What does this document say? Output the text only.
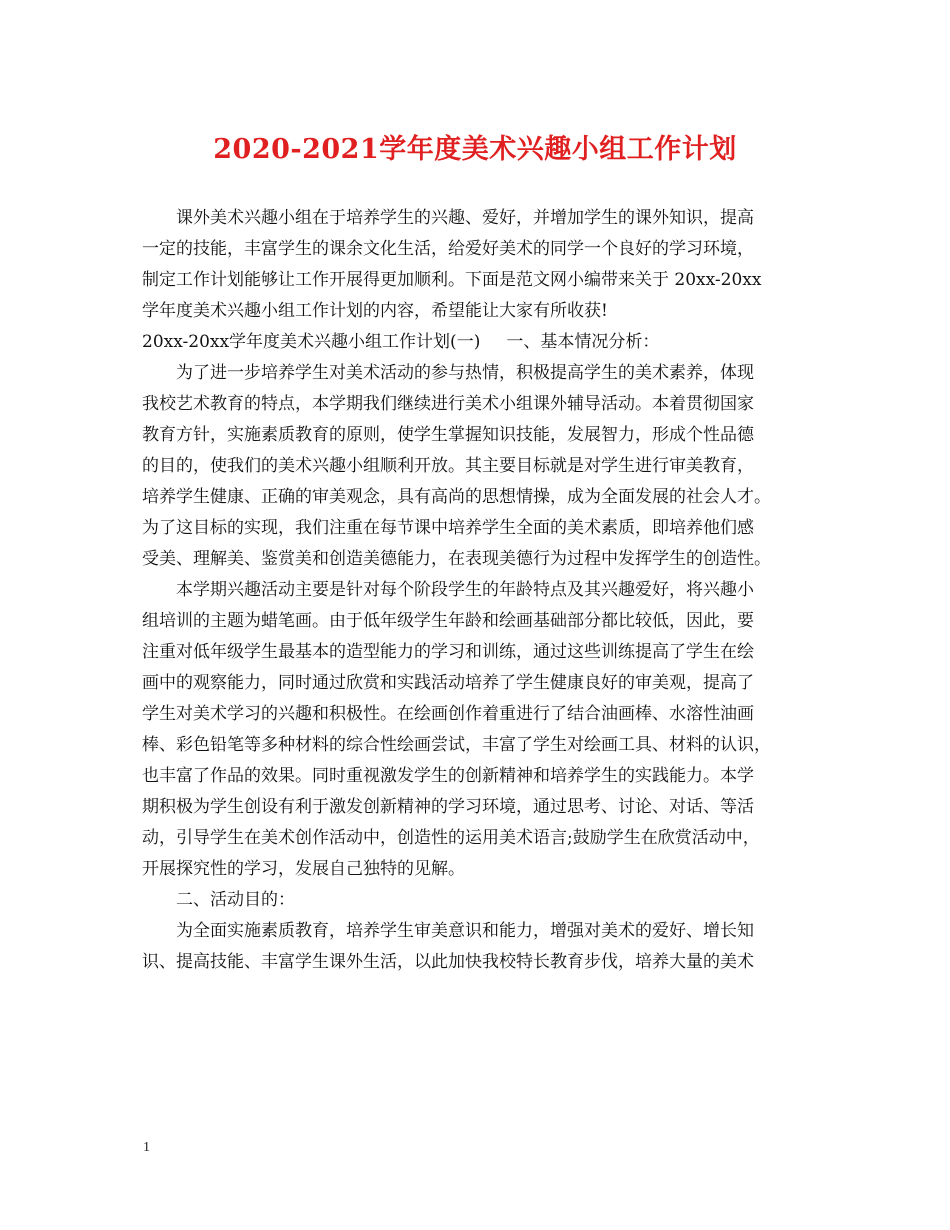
2020-2021学年度美术兴趣小组工作计划
课外美术兴趣小组在于培养学生的兴趣、爱好，并增加学生的课外知识，提高
一定的技能，丰富学生的课余文化生活，给爱好美术的同学一个良好的学习环境，
制定工作计划能够让工作开展得更加顺利。下面是范文网小编带来关于 20xx-20xx
学年度美术兴趣小组工作计划的内容，希望能让大家有所收获!
20xx-20xx学年度美术兴趣小组工作计划(一) 一、基本情况分析：
为了进一步培养学生对美术活动的参与热情，积极提高学生的美术素养，体现
我校艺术教育的特点，本学期我们继续进行美术小组课外辅导活动。本着贯彻国家
教育方针，实施素质教育的原则，使学生掌握知识技能，发展智力，形成个性品德
的目的，使我们的美术兴趣小组顺利开放。其主要目标就是对学生进行审美教育，
培养学生健康、正确的审美观念，具有高尚的思想情操，成为全面发展的社会人才。
为了这目标的实现，我们注重在每节课中培养学生全面的美术素质，即培养他们感
受美、理解美、鉴赏美和创造美德能力，在表现美德行为过程中发挥学生的创造性。
本学期兴趣活动主要是针对每个阶段学生的年龄特点及其兴趣爱好，将兴趣小
组培训的主题为蜡笔画。由于低年级学生年龄和绘画基础部分都比较低，因此，要
注重对低年级学生最基本的造型能力的学习和训练，通过这些训练提高了学生在绘
画中的观察能力，同时通过欣赏和实践活动培养了学生健康良好的审美观，提高了
学生对美术学习的兴趣和积极性。在绘画创作着重进行了结合油画棒、水溶性油画
棒、彩色铅笔等多种材料的综合性绘画尝试，丰富了学生对绘画工具、材料的认识，
也丰富了作品的效果。同时重视激发学生的创新精神和培养学生的实践能力。本学
期积极为学生创设有利于激发创新精神的学习环境，通过思考、讨论、对话、等活
动，引导学生在美术创作活动中，创造性的运用美术语言;鼓励学生在欣赏活动中，
开展探究性的学习，发展自己独特的见解。
二、活动目的：
为全面实施素质教育，培养学生审美意识和能力，增强对美术的爱好、增长知
识、提高技能、丰富学生课外生活，以此加快我校特长教育步伐，培养大量的美术
1
